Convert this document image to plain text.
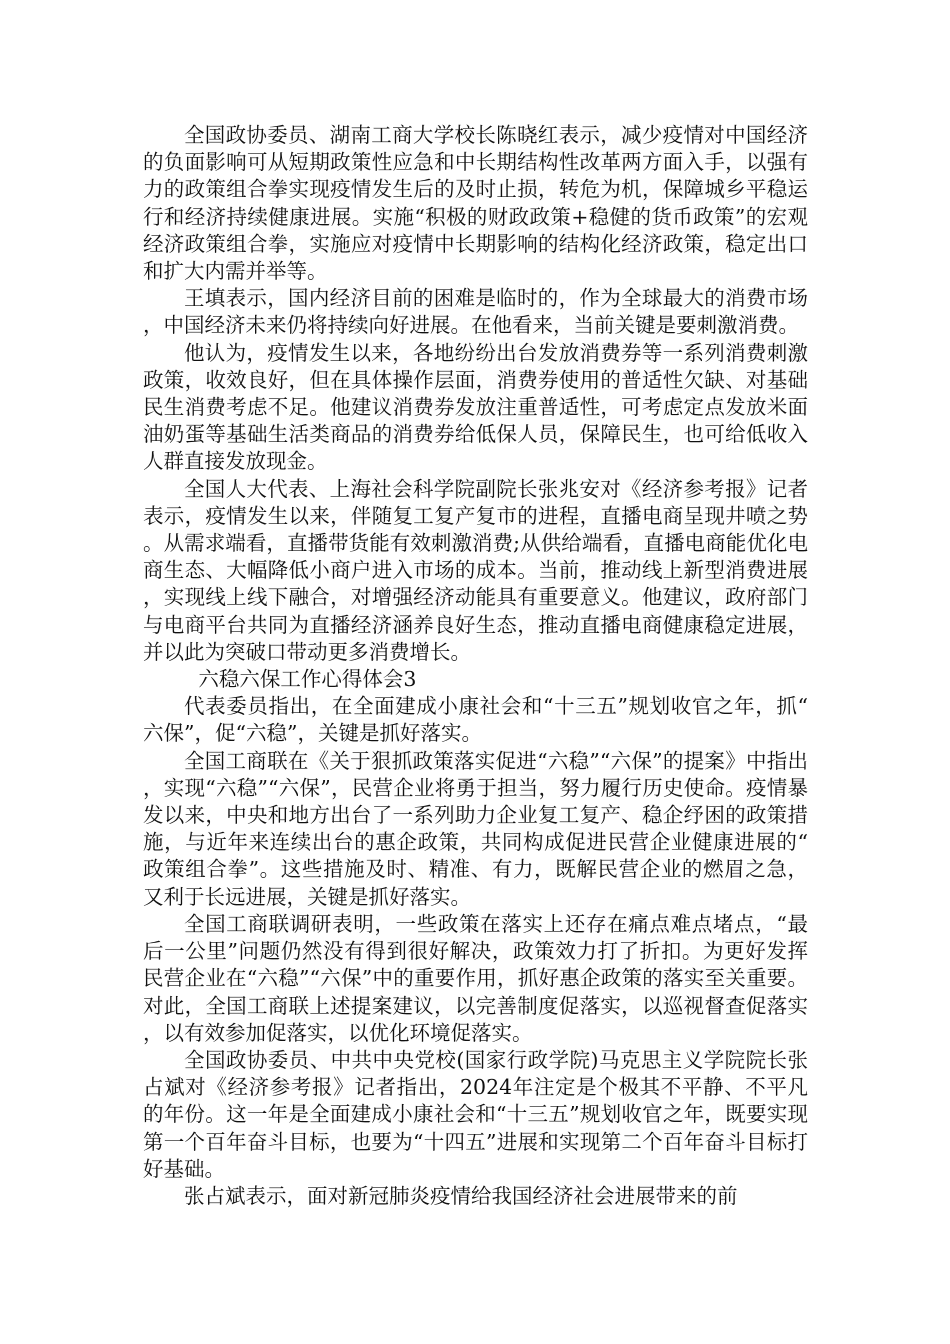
全国政协委员、湖南工商大学校长陈晓红表示，减少疫情对中国经济的负面影响可从短期政策性应急和中长期结构性改革两方面入手，以强有力的政策组合拳实现疫情发生后的及时止损，转危为机，保障城乡平稳运行和经济持续健康进展。实施“积极的财政政策+稳健的货币政策”的宏观经济政策组合拳，实施应对疫情中长期影响的结构化经济政策，稳定出口和扩大内需并举等。

王填表示，国内经济目前的困难是临时的，作为全球最大的消费市场，中国经济未来仍将持续向好进展。在他看来，当前关键是要刺激消费。

他认为，疫情发生以来，各地纷纷出台发放消费券等一系列消费刺激政策，收效良好，但在具体操作层面，消费券使用的普适性欠缺、对基础民生消费考虑不足。他建议消费券发放注重普适性，可考虑定点发放米面油奶蛋等基础生活类商品的消费券给低保人员，保障民生，也可给低收入人群直接发放现金。

全国人大代表、上海社会科学院副院长张兆安对《经济参考报》记者表示，疫情发生以来，伴随复工复产复市的进程，直播电商呈现井喷之势。从需求端看，直播带货能有效刺激消费;从供给端看，直播电商能优化电商生态、大幅降低小商户进入市场的成本。当前，推动线上新型消费进展，实现线上线下融合，对增强经济动能具有重要意义。他建议，政府部门与电商平台共同为直播经济涵养良好生态，推动直播电商健康稳定进展，并以此为突破口带动更多消费增长。

六稳六保工作心得体会3

代表委员指出，在全面建成小康社会和“十三五”规划收官之年，抓“六保”，促“六稳”，关键是抓好落实。

全国工商联在《关于狠抓政策落实促进“六稳”“六保”的提案》中指出，实现“六稳”“六保”，民营企业将勇于担当，努力履行历史使命。疫情暴发以来，中央和地方出台了一系列助力企业复工复产、稳企纾困的政策措施，与近年来连续出台的惠企政策，共同构成促进民营企业健康进展的“政策组合拳”。这些措施及时、精准、有力，既解民营企业的燃眉之急，又利于长远进展，关键是抓好落实。

全国工商联调研表明，一些政策在落实上还存在痛点难点堵点，“最后一公里”问题仍然没有得到很好解决，政策效力打了折扣。为更好发挥民营企业在“六稳”“六保”中的重要作用，抓好惠企政策的落实至关重要。对此，全国工商联上述提案建议，以完善制度促落实，以巡视督查促落实，以有效参加促落实，以优化环境促落实。

全国政协委员、中共中央党校(国家行政学院)马克思主义学院院长张占斌对《经济参考报》记者指出，2024年注定是个极其不平静、不平凡的年份。这一年是全面建成小康社会和“十三五”规划收官之年，既要实现第一个百年奋斗目标，也要为“十四五”进展和实现第二个百年奋斗目标打好基础。

张占斌表示，面对新冠肺炎疫情给我国经济社会进展带来的前
